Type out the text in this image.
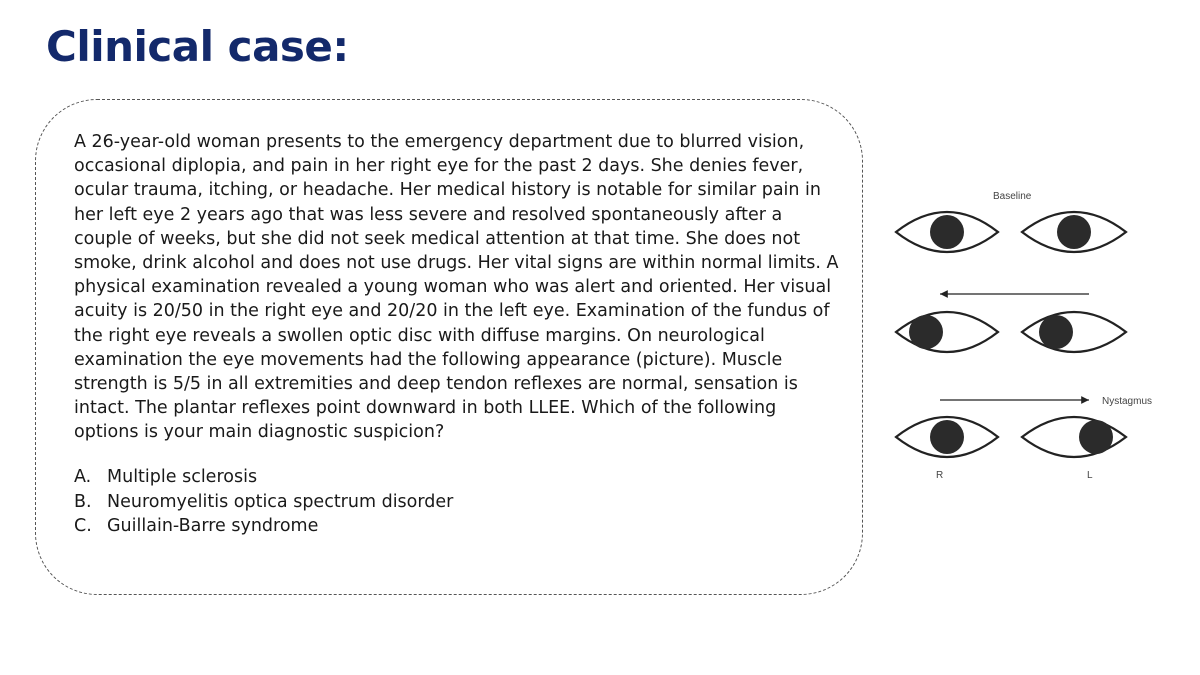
Clinical case:

A 26-year-old woman presents to the emergency department due to blurred vision, occasional diplopia, and pain in her right eye for the past 2 days. She denies fever, ocular trauma, itching, or headache. Her medical history is notable for similar pain in her left eye 2 years ago that was less severe and resolved spontaneously after a couple of weeks, but she did not seek medical attention at that time. She does not smoke, drink alcohol and does not use drugs. Her vital signs are within normal limits. A physical examination revealed a young woman who was alert and oriented. Her visual acuity is 20/50 in the right eye and 20/20 in the left eye. Examination of the fundus of the right eye reveals a swollen optic disc with diffuse margins. On neurological examination the eye movements had the following appearance (picture). Muscle strength is 5/5 in all extremities and deep tendon reflexes are normal, sensation is intact. The plantar reflexes point downward in both LLEE. Which of the following options is your main diagnostic suspicion?

A. Multiple sclerosis
B. Neuromyelitis optica spectrum disorder
C. Guillain-Barre syndrome
Baseline
Nystagmus
R	L
